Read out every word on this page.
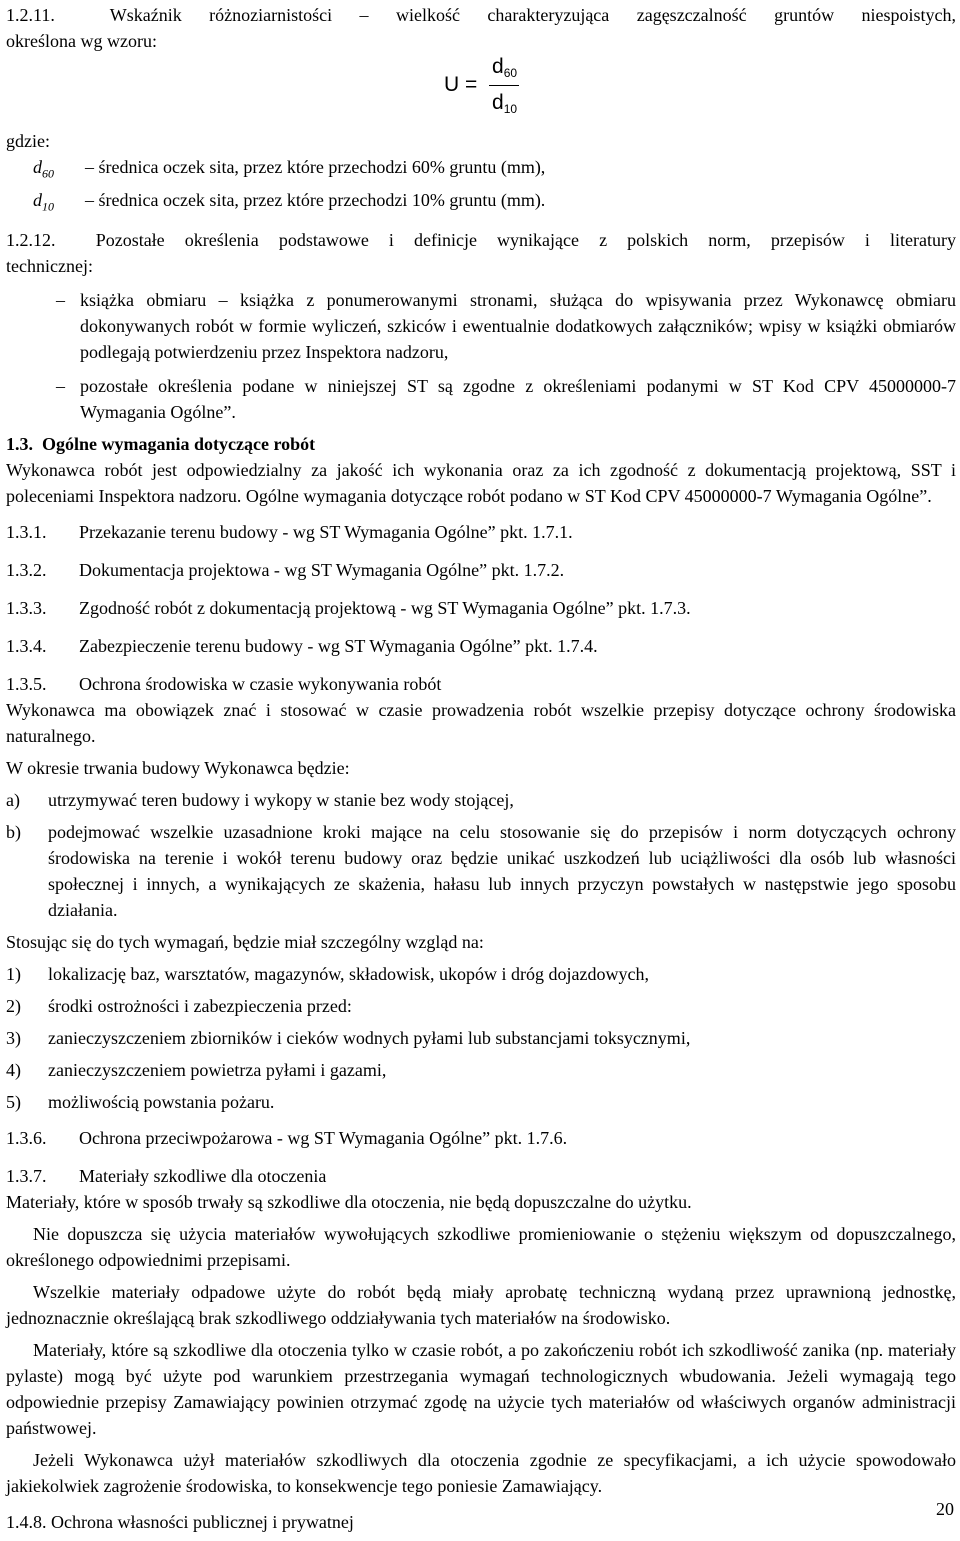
1.2.11.	Wskaźnik różnoziarnistości – wielkość charakteryzująca zagęszczalność gruntów niespoistych,

określona wg wzoru:

U =
$d_{60}$
$d_{10}$

gdzie:

$d_{60}$	– średnica oczek sita, przez które przechodzi 60% gruntu (mm),
$d_{10}$	– średnica oczek sita, przez które przechodzi 10% gruntu (mm).

1.2.12. Pozostałe określenia podstawowe i definicje wynikające z polskich norm, przepisów i literatury

technicznej:

– książka obmiaru – książka z ponumerowanymi stronami, służąca do wpisywania przez Wykonawcę obmiaru dokonywanych robót w formie wyliczeń, szkiców i ewentualnie dodatkowych załączników; wpisy w książki obmiarów podlegają potwierdzeniu przez Inspektora nadzoru,
– pozostałe określenia podane w niniejszej ST są zgodne z określeniami podanymi w ST Kod CPV 45000000-7 Wymagania Ogólne”.

1.3. Ogólne wymagania dotyczące robót

Wykonawca robót jest odpowiedzialny za jakość ich wykonania oraz za ich zgodność z dokumentacją projektową, SST i poleceniami Inspektora nadzoru. Ogólne wymagania dotyczące robót podano w ST Kod CPV 45000000-7 Wymagania Ogólne”.

1.3.1.	Przekazanie terenu budowy - wg ST Wymagania Ogólne” pkt. 1.7.1.
1.3.2.	Dokumentacja projektowa - wg ST Wymagania Ogólne” pkt. 1.7.2.
1.3.3.	Zgodność robót z dokumentacją projektową - wg ST Wymagania Ogólne” pkt. 1.7.3.
1.3.4.	Zabezpieczenie terenu budowy - wg ST Wymagania Ogólne” pkt. 1.7.4.
1.3.5.	Ochrona środowiska w czasie wykonywania robót

Wykonawca ma obowiązek znać i stosować w czasie prowadzenia robót wszelkie przepisy dotyczące ochrony środowiska naturalnego.

W okresie trwania budowy Wykonawca będzie:

a)	utrzymywać teren budowy i wykopy w stanie bez wody stojącej,
b)	podejmować wszelkie uzasadnione kroki mające na celu stosowanie się do przepisów i norm dotyczących ochrony środowiska na terenie i wokół terenu budowy oraz będzie unikać uszkodzeń lub uciążliwości dla osób lub własności społecznej i innych, a wynikających ze skażenia, hałasu lub innych przyczyn powstałych w następstwie jego sposobu działania.

Stosując się do tych wymagań, będzie miał szczególny wzgląd na:

1)	lokalizację baz, warsztatów, magazynów, składowisk, ukopów i dróg dojazdowych,
2)	środki ostrożności i zabezpieczenia przed:
3)	zanieczyszczeniem zbiorników i cieków wodnych pyłami lub substancjami toksycznymi,
4)	zanieczyszczeniem powietrza pyłami i gazami,
5)	możliwością powstania pożaru.
1.3.6.	Ochrona przeciwpożarowa - wg ST Wymagania Ogólne” pkt. 1.7.6.
1.3.7.	Materiały szkodliwe dla otoczenia

Materiały, które w sposób trwały są szkodliwe dla otoczenia, nie będą dopuszczalne do użytku.

Nie dopuszcza się użycia materiałów wywołujących szkodliwe promieniowanie o stężeniu większym od dopuszczalnego, określonego odpowiednimi przepisami.

Wszelkie materiały odpadowe użyte do robót będą miały aprobatę techniczną wydaną przez uprawnioną jednostkę, jednoznacznie określającą brak szkodliwego oddziaływania tych materiałów na środowisko.

Materiały, które są szkodliwe dla otoczenia tylko w czasie robót, a po zakończeniu robót ich szkodliwość zanika (np. materiały pylaste) mogą być użyte pod warunkiem przestrzegania wymagań technologicznych wbudowania. Jeżeli wymagają tego odpowiednie przepisy Zamawiający powinien otrzymać zgodę na użycie tych materiałów od właściwych organów administracji państwowej.

Jeżeli Wykonawca użył materiałów szkodliwych dla otoczenia zgodnie ze specyfikacjami, a ich użycie spowodowało jakiekolwiek zagrożenie środowiska, to konsekwencje tego poniesie Zamawiający.

1.4.8. Ochrona własności publicznej i prywatnej

20
